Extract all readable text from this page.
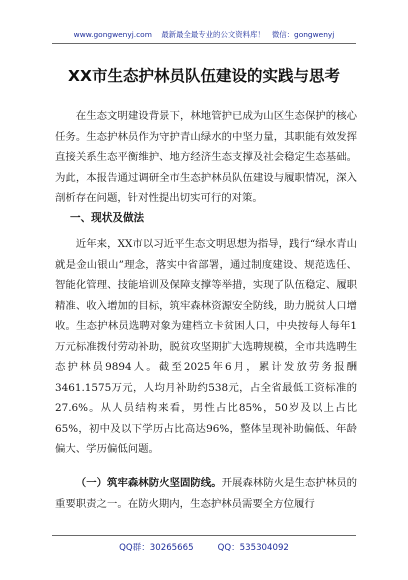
www.gongwenyj.com 最新最全最专业的公文资料库！ 微信：gongwenyj
XX市生态护林员队伍建设的实践与思考

在生态文明建设背景下，林地管护已成为山区生态保护的核心任务。生态护林员作为守护青山绿水的中坚力量，其职能有效发挥直接关系生态平衡维护、地方经济生态支撑及社会稳定生态基础。为此，本报告通过调研全市生态护林员队伍建设与履职情况，深入剖析存在问题，针对性提出切实可行的对策。

一、现状及做法

近年来，XX市以习近平生态文明思想为指导，践行“绿水青山就是金山银山”理念，落实中省部署，通过制度建设、规范选任、智能化管理、技能培训及保障支撑等举措，实现了队伍稳定、履职精准、收入增加的目标，筑牢森林资源安全防线，助力脱贫人口增收。生态护林员选聘对象为建档立卡贫困人口，中央按每人每年1万元标准拨付劳动补助，脱贫攻坚期扩大选聘规模，全市共选聘生态护林员9894人。截至2025年6月，累计发放劳务报酬3461.1575万元，人均月补助约538元，占全省最低工资标准的27.6%。从人员结构来看，男性占比85%，50岁及以上占比65%，初中及以下学历占比高达96%，整体呈现补助偏低、年龄偏大、学历偏低问题。

（一）筑牢森林防火坚固防线。开展森林防火是生态护林员的重要职责之一。在防火期内，生态护林员需要全方位履行

QQ群：30265665	QQ：535304092
